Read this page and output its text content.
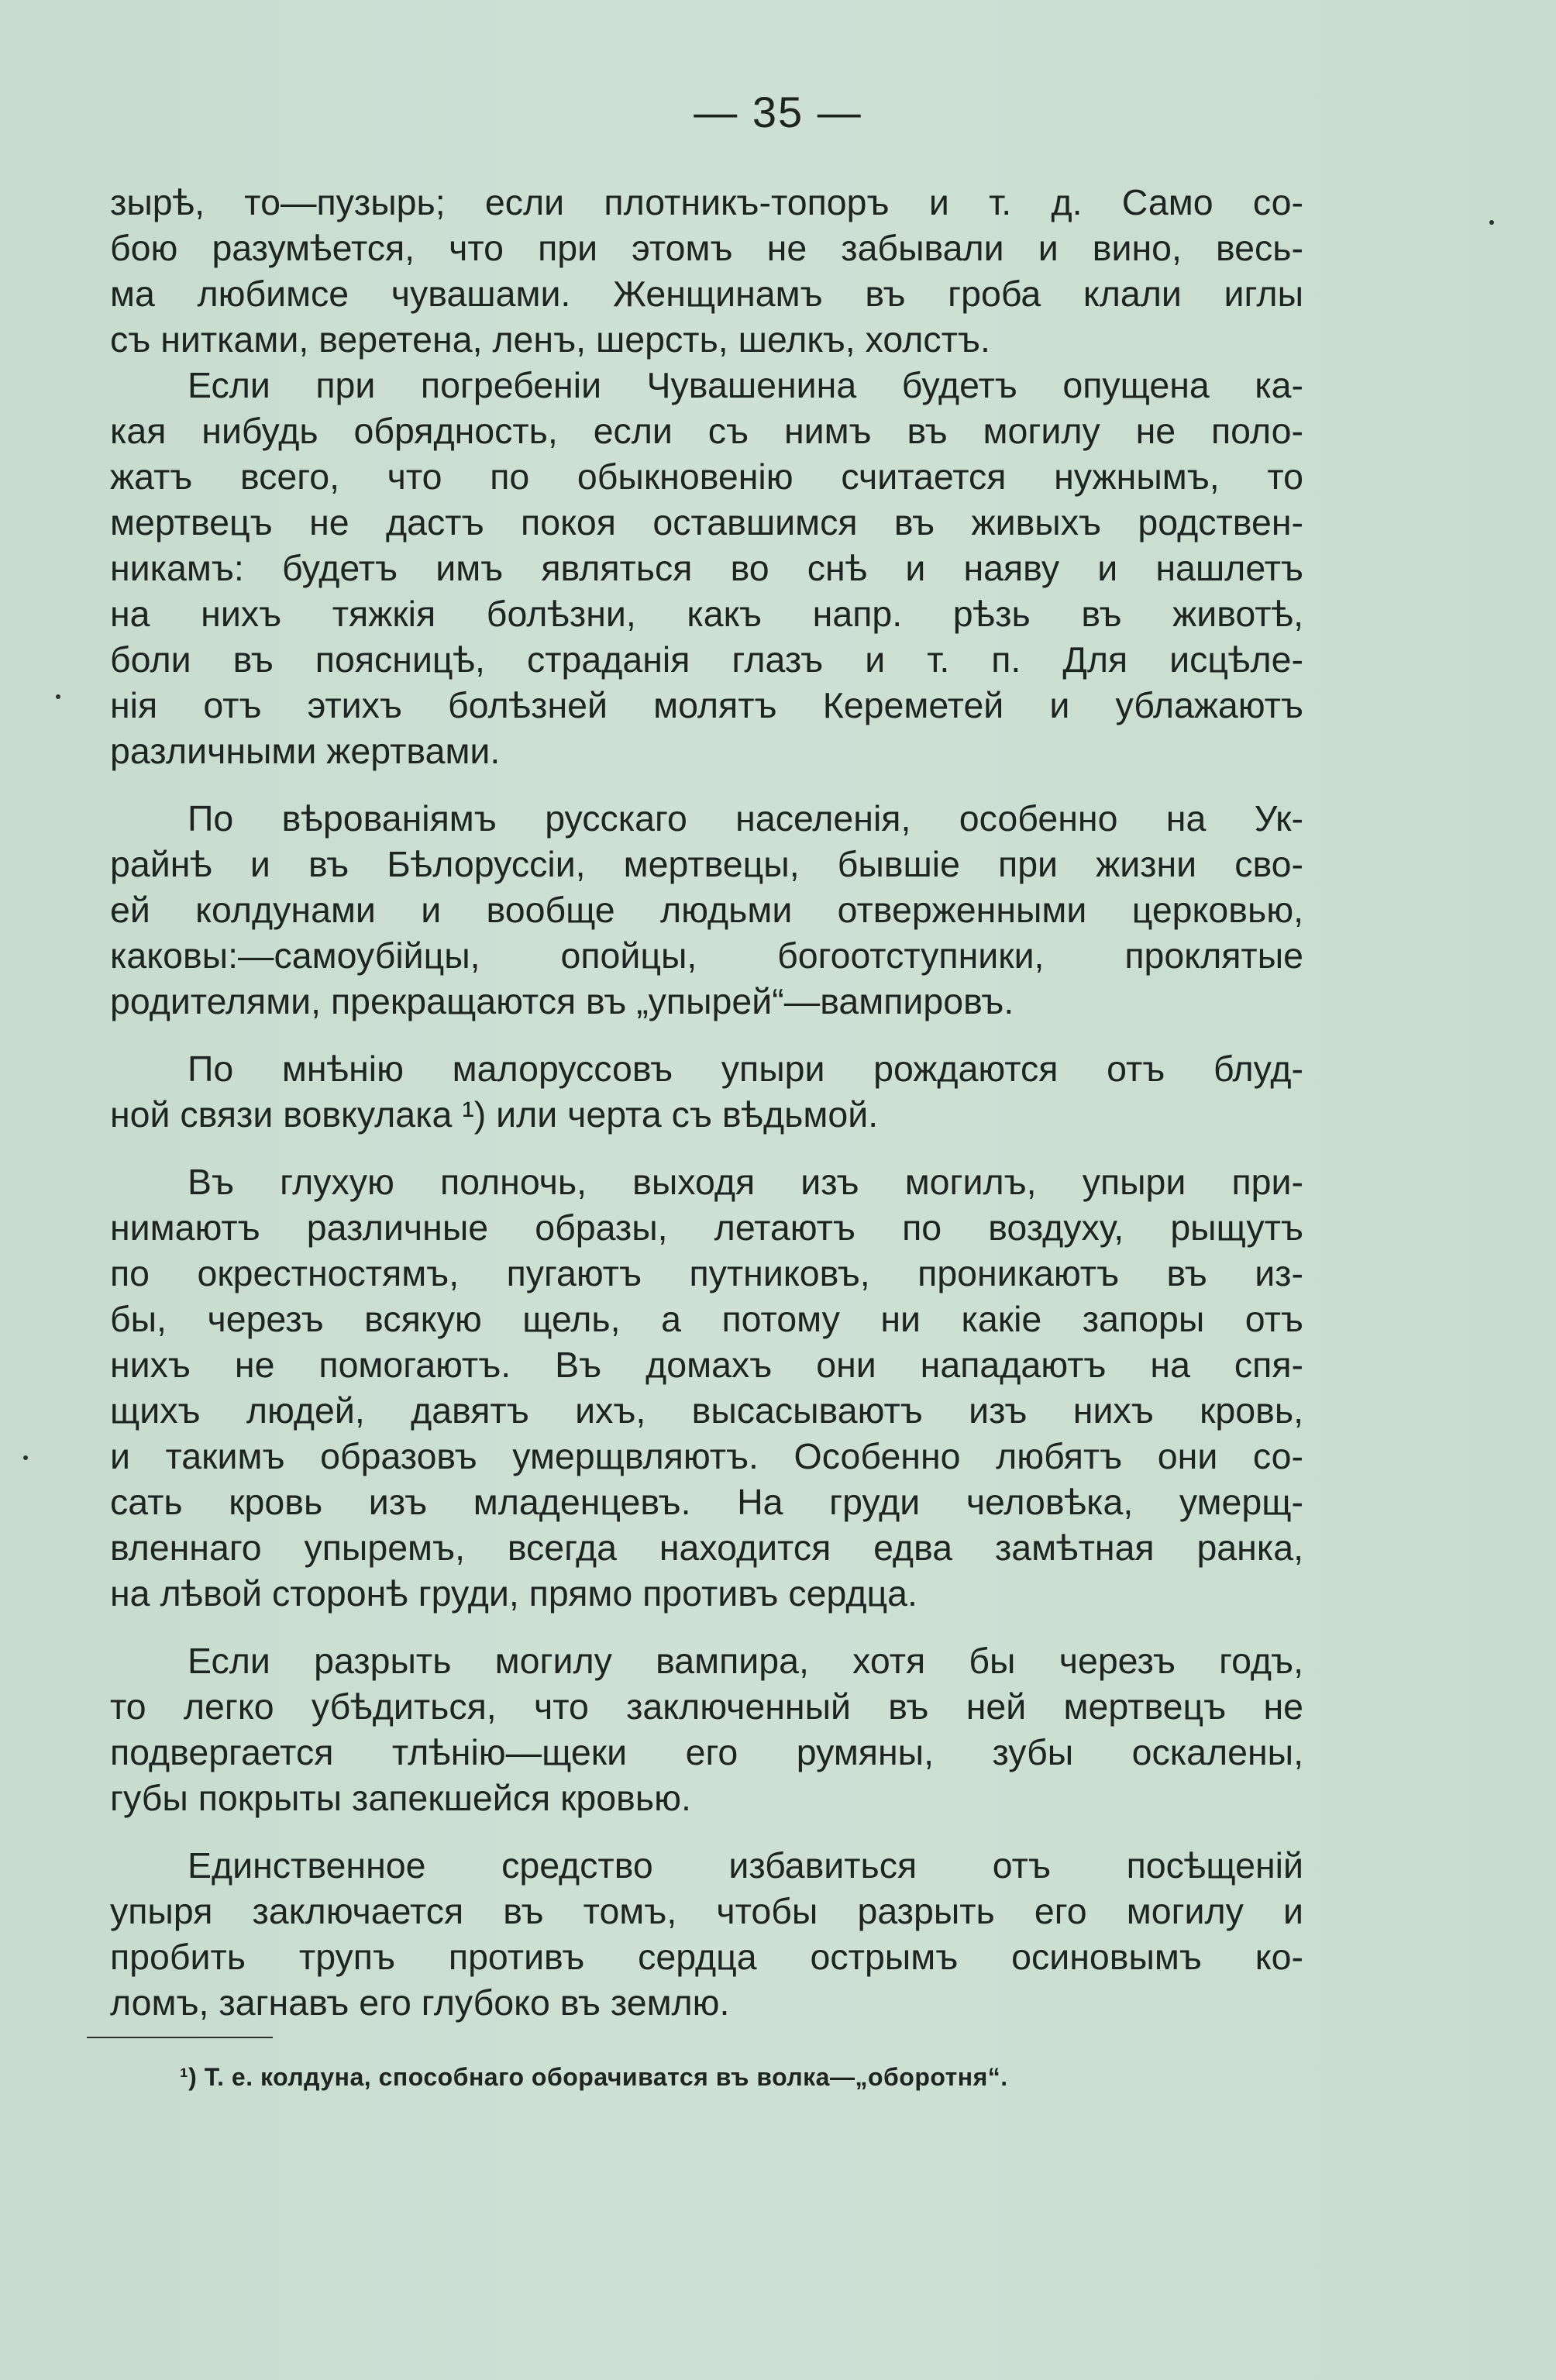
— 35 —

зырѣ, то—пузырь; если плотникъ-топоръ и т. д. Само со-
бою разумѣется, что при этомъ не забывали и вино, весь-
ма любимсе чувашами. Женщинамъ въ гроба клали иглы
съ нитками, веретена, ленъ, шерсть, шелкъ, холстъ.

Если при погребеніи Чувашенина будетъ опущена ка-
кая нибудь обрядность, если съ нимъ въ могилу не поло-
жатъ всего, что по обыкновенію считается нужнымъ, то
мертвецъ не дастъ покоя оставшимся въ живыхъ родствен-
никамъ: будетъ имъ являться во снѣ и наяву и нашлетъ
на нихъ тяжкія болѣзни, какъ напр. рѣзь въ животѣ,
боли въ поясницѣ, страданія глазъ и т. п. Для исцѣле-
нія отъ этихъ болѣзней молятъ Кереметей и ублажаютъ
различными жертвами.

По вѣрованіямъ русскаго населенія, особенно на Ук-
райнѣ и въ Бѣлоруссіи, мертвецы, бывшіе при жизни сво-
ей колдунами и вообще людьми отверженными церковью,
каковы:—самоубійцы, опойцы, богоотступники, проклятые
родителями, прекращаются въ „упырей“—вампировъ.

По мнѣнію малоруссовъ упыри рождаются отъ блуд-
ной связи вовкулака ¹) или черта съ вѣдьмой.

Въ глухую полночь, выходя изъ могилъ, упыри при-
нимаютъ различные образы, летаютъ по воздуху, рыщутъ
по окрестностямъ, пугаютъ путниковъ, проникаютъ въ из-
бы, черезъ всякую щель, а потому ни какіе запоры отъ
нихъ не помогаютъ. Въ домахъ они нападаютъ на спя-
щихъ людей, давятъ ихъ, высасываютъ изъ нихъ кровь,
и такимъ образовъ умерщвляютъ. Особенно любятъ они со-
сать кровь изъ младенцевъ. На груди человѣка, умерщ-
вленнаго упыремъ, всегда находится едва замѣтная ранка,
на лѣвой сторонѣ груди, прямо противъ сердца.

Если разрыть могилу вампира, хотя бы черезъ годъ,
то легко убѣдиться, что заключенный въ ней мертвецъ не
подвергается тлѣнію—щеки его румяны, зубы оскалены,
губы покрыты запекшейся кровью.

Единственное средство избавиться отъ посѣщеній
упыря заключается въ томъ, чтобы разрыть его могилу и
пробить трупъ противъ сердца острымъ осиновымъ ко-
ломъ, загнавъ его глубоко въ землю.

¹) Т. е. колдуна, способнаго оборачиватся въ волка—„оборотня“.
